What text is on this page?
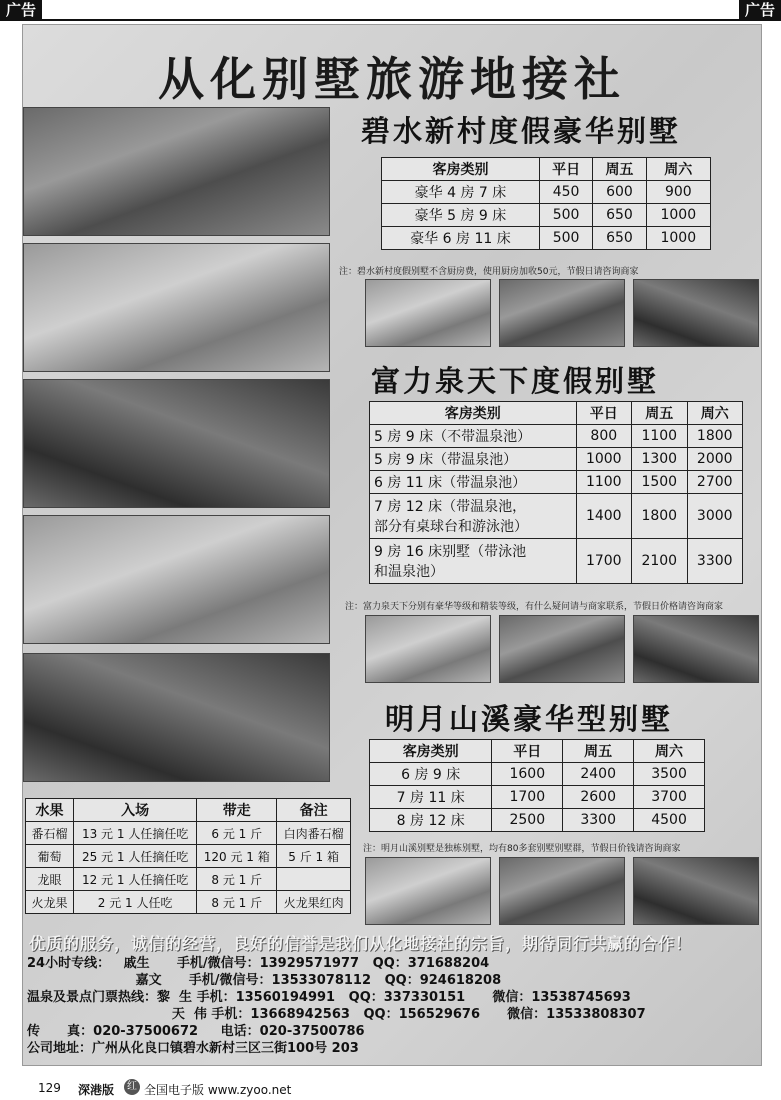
广告	广告
从化别墅旅游地接社
碧水新村度假豪华别墅
客房类别	平日	周五	周六
豪华 4 房 7 床	450	600	900
豪华 5 房 9 床	500	650	1000
豪华 6 房 11 床	500	650	1000
注：碧水新村度假别墅不含厨房费，使用厨房加收50元，节假日请咨询商家
富力泉天下度假别墅
客房类别	平日	周五	周六
5 房 9 床（不带温泉池）	800	1100	1800
5 房 9 床（带温泉池）	1000	1300	2000
6 房 11 床（带温泉池）	1100	1500	2700

7 房 12 床（带温泉池，
部分有桌球台和游泳池）	1400	1800	3000

9 房 16 床别墅（带泳池
和温泉池）	1700	2100	3300
注：富力泉天下分别有豪华等级和精装等级，有什么疑问请与商家联系，节假日价格请咨询商家
明月山溪豪华型别墅
客房类别	平日	周五	周六
6 房 9 床	1600	2400	3500
7 房 11 床	1700	2600	3700
8 房 12 床	2500	3300	4500
注：明月山溪别墅是独栋别墅，均有80多套别墅别墅群，节假日价钱请咨询商家
水果	入场	带走	备注
番石榴	13 元 1 人任摘任吃	6 元 1 斤	白肉番石榴
葡萄	25 元 1 人任摘任吃	120 元 1 箱	5 斤 1 箱
龙眼	12 元 1 人任摘任吃	8 元 1 斤	
火龙果	2 元 1 人任吃	8 元 1 斤	火龙果红肉
优质的服务，诚信的经营，良好的信誉是我们从化地接社的宗旨，期待同行共赢的合作！
24小时专线：   戚生      手机/微信号：13929571977   QQ：371688204
嘉文      手机/微信号：13533078112   QQ：924618208
温泉及景点门票热线：黎  生 手机：13560194991   QQ：337330151      微信：13538745693
天  伟 手机：13668942563   QQ：156529676      微信：13533808307
传      真：020-37500672     电话：020-37500786
公司地址：广州从化良口镇碧水新村三区三街100号 203
129 深港版	红 全国电子版 www.zyoo.net
